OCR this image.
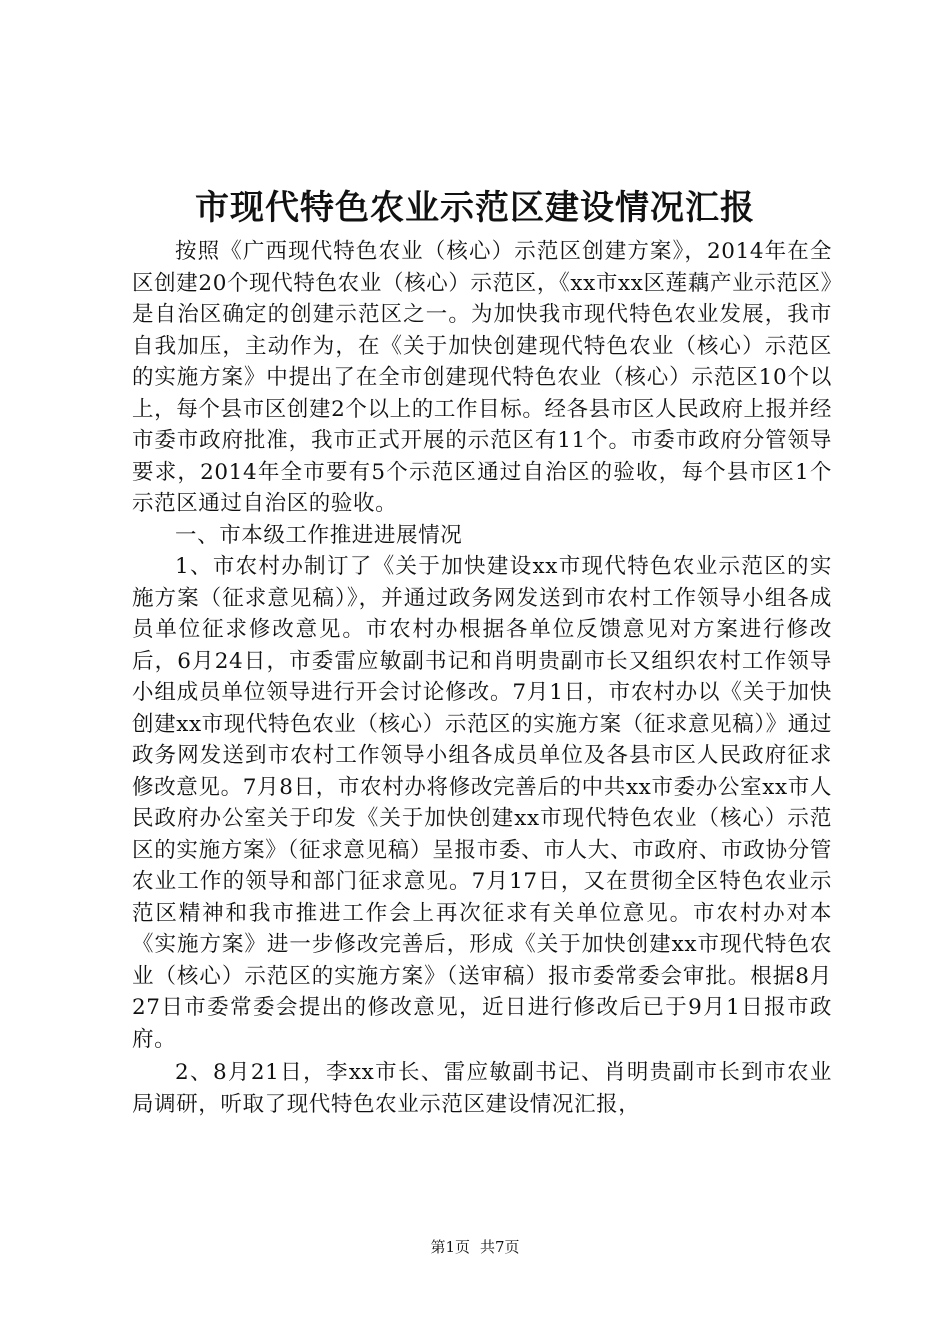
市现代特色农业示范区建设情况汇报

按照《广西现代特色农业（核心）示范区创建方案》，2014年在全区创建20个现代特色农业（核心）示范区，《xx市xx区莲藕产业示范区》是自治区确定的创建示范区之一。为加快我市现代特色农业发展，我市自我加压，主动作为，在《关于加快创建现代特色农业（核心）示范区的实施方案》中提出了在全市创建现代特色农业（核心）示范区10个以上，每个县市区创建2个以上的工作目标。经各县市区人民政府上报并经市委市政府批准，我市正式开展的示范区有11个。市委市政府分管领导要求，2014年全市要有5个示范区通过自治区的验收，每个县市区1个示范区通过自治区的验收。

一、市本级工作推进进展情况

1、市农村办制订了《关于加快建设xx市现代特色农业示范区的实施方案（征求意见稿）》，并通过政务网发送到市农村工作领导小组各成员单位征求修改意见。市农村办根据各单位反馈意见对方案进行修改后，6月24日，市委雷应敏副书记和肖明贵副市长又组织农村工作领导小组成员单位领导进行开会讨论修改。7月1日，市农村办以《关于加快创建xx市现代特色农业（核心）示范区的实施方案（征求意见稿）》通过政务网发送到市农村工作领导小组各成员单位及各县市区人民政府征求修改意见。7月8日，市农村办将修改完善后的中共xx市委办公室xx市人民政府办公室关于印发《关于加快创建xx市现代特色农业（核心）示范区的实施方案》（征求意见稿）呈报市委、市人大、市政府、市政协分管农业工作的领导和部门征求意见。7月17日，又在贯彻全区特色农业示范区精神和我市推进工作会上再次征求有关单位意见。市农村办对本《实施方案》进一步修改完善后，形成《关于加快创建xx市现代特色农业（核心）示范区的实施方案》（送审稿）报市委常委会审批。根据8月27日市委常委会提出的修改意见，近日进行修改后已于9月1日报市政府。

2、8月21日，李xx市长、雷应敏副书记、肖明贵副市长到市农业局调研，听取了现代特色农业示范区建设情况汇报，

第1页 共7页
